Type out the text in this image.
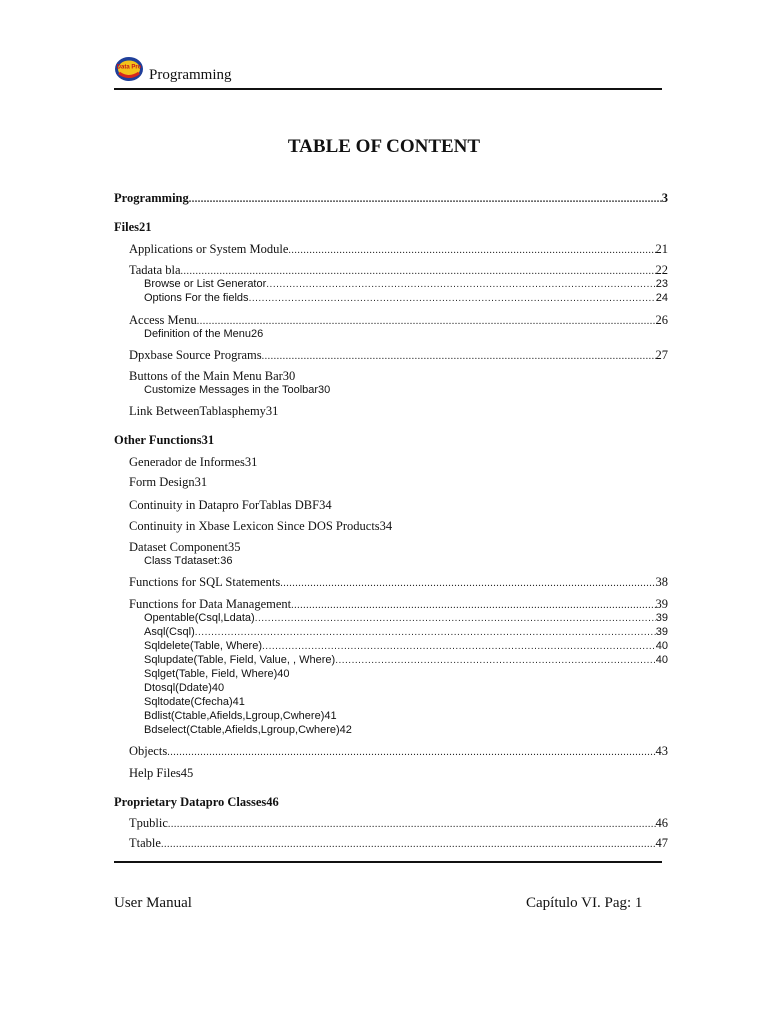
Data Pro Programming
TABLE OF CONTENT
Programming .....	3
Files21
Applications or System Module .....	21
Tadata bla .....	22
Browse or List Generator .....	23
Options For the fields .....	24
Access Menu .....	26
Definition of the Menu26
Dpxbase Source Programs .....	27
Buttons of the Main Menu Bar30
Customize Messages in the Toolbar30
Link BetweenTablasphemy31
Other Functions31
Generador de Informes31
Form Design31
Continuity in Datapro ForTablas DBF34
Continuity in Xbase Lexicon Since DOS Products34
Dataset Component35
Class Tdataset:36
Functions for SQL Statements .....	38
Functions for Data Management .....	39
Opentable(Csql,Ldata) .....	39
Asql(Csql) .....	39
Sqldelete(Table, Where) .....	40
Sqlupdate(Table, Field, Value, , Where) .....	40
Sqlget(Table, Field, Where)40
Dtosql(Ddate)40
Sqltodate(Cfecha)41
Bdlist(Ctable,Afields,Lgroup,Cwhere)41
Bdselect(Ctable,Afields,Lgroup,Cwhere)42
Objects .....	43
Help Files45
Proprietary Datapro Classes46
Tpublic .....	46
Ttable .....	47
User Manual	Capítulo VI. Pag: 1
